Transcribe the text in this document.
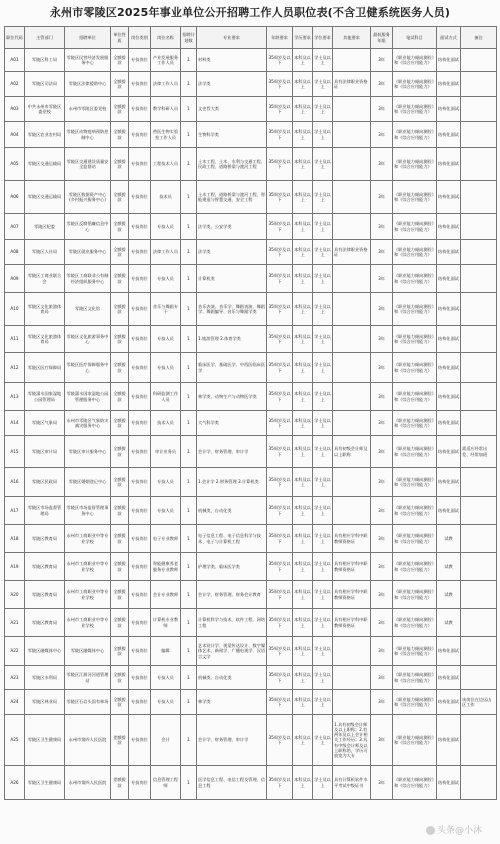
永州市零陵区2025年事业单位公开招聘工作人员职位表(不含卫健系统医务人员)
职位代码	主管部门	招聘单位	单位性质	岗位类别	岗位名称	招聘计划数	专业要求	年龄要求	学历要求	学位要求	其他要求	最低服务年限	笔试科目	面试方式	备注
A01	零陵区科工局	零陵区民营经济发展服务中心	全额拨款	专技岗位	产业发展服务工作人员	1	材料类	35周岁及以下	本科及以上	学士及以上		3年	《职业能力倾向测验》和《综合应用能力》	结构化面试	
A02	零陵区司法局	零陵区法律援助中心	全额拨款	专技岗位	法律工作人员	1	法学类	35周岁及以下	本科及以上	学士及以上	具有法律职业资格证	3年	《职业能力倾向测验》和《综合应用能力》	结构化面试	
A03	中共永州市零陵区委党校	永州市零陵区委党校	全额拨款	专技岗位	教学科研人员	1	文史哲大类	35周岁及以下	本科及以上	学士及以上		3年	《职业能力倾向测验》和《综合应用能力》	结构化面试	
A04	零陵区农业农村局	零陵区动物疫病预防控制中心	全额拨款	专技岗位	兽医生物实验室工作人员	1	生物科学类	35周岁及以下	本科及以上	学士及以上		3年	《职业能力倾向测验》和《综合应用能力》	结构化面试	
A05	零陵区交通运输局	零陵区交通建设质量安全监督站	全额拨款	专技岗位	工程技术人员	1	土木工程、土木、水利与交通工程、民政工程、道路桥梁与渡河工程	35周岁及以下	本科及以上	学士及以上		3年	《职业能力倾向测验》和《综合应用能力》	结构化面试	
A06	零陵区交通运输局	零陵区数据资产中心(乡村振兴服务中心)	全额拨款	专技岗位	技术员	1	土木工程、道路桥梁与渡河工程、智能建造与智慧交通、安全工程	35周岁及以下	本科及以上	学士及以上		3年	《职业能力倾向测验》和《综合应用能力》	结构化面试	
A07	零陵区纪委	零陵区反腐倡廉信息中心	全额拨款	专技岗位	专技人员	1	法学类、公安学类	35周岁及以下	本科及以上	学士及以上		3年	《职业能力倾向测验》和《综合应用能力》	结构化面试	
A08	零陵区人社局	零陵区就业服务中心	全额拨款	专技岗位	法律工作人员	1	法学类	35周岁及以下	本科及以上	学士及以上	具有法律职业资格证	3年	《职业能力倾向测验》和《综合应用能力》	结构化面试	
A09	零陵区工商业联合会	零陵区工商联非公有制经济组织服务中心	全额拨款	专技岗位	专技人员	1	计算机类	35周岁及以下	本科及以上	学士及以上		3年	《职业能力倾向测验》和《综合应用能力》	结构化面试	
A10	零陵区文化旅游体育局	零陵区文化馆	全额拨款	专技岗位	音乐与舞蹈专干	1	音乐表演、音乐学、舞蹈表演、舞蹈学、舞蹈编导、音乐与舞蹈学类	35周岁及以下	本科及以上	学士及以上		3年	《职业能力倾向测验》和《综合应用能力》	结构化面试	
A11	零陵区文化旅游体育局	零陵区文化旅游事务中心	全额拨款	专技岗位	专技人员	1	1.旅游管理 2.体育学类	35周岁及以下	本科及以上	学士及以上		3年	《职业能力倾向测验》和《综合应用能力》	结构化面试	
A12	零陵区医疗保障局	零陵区医疗保障服务中心	全额拨款	专技岗位	专技人员	1	临床医学、基础医学、中西医临床医学	35周岁及以下	本科及以上	学士及以上		3年	《职业能力倾向测验》和《综合应用能力》	结构化面试	
A13	零陵潇水国家湿地公园管理局	零陵潇水国家湿地公园管理服务中心	全额拨款	专技岗位	科研监测工作人员	1	林学类、动物生产与动物医学类	35周岁及以下	本科及以上	学士及以上		3年	《职业能力倾向测验》和《综合应用能力》	结构化面试	
A14	零陵区气象局	永州市零陵区气象防灾减灾服务中心	全额拨款	专技岗位	技术人员	1	大气科学类	35周岁及以下	本科及以上	学士及以上		3年	《职业能力倾向测验》和《综合应用能力》	结构化面试	
A15	零陵区审计局	零陵区审计服务中心	全额拨款	专技岗位	审计业务员	1	会计学、财务管理、审计学	35周岁及以下	本科及以上	学士及以上	具有初级会计师及以上职称	3年	《职业能力倾向测验》和《综合应用能力》	结构化面试	需适应经常出差、经常加班
A16	零陵区民政局	零陵区婚姻登记中心	全额拨款	专技岗位	专技人员	1	1.会计学 2.财务管理 3.计算机类	35周岁及以下	本科及以上	学士及以上		3年	《职业能力倾向测验》和《综合应用能力》	结构化面试	
A17	零陵区市场监督管理局	零陵区市场监督管理事务中心	全额拨款	专技岗位	专技人员	1	机械类、自动化类	35周岁及以下	本科及以上	学士及以上		3年	《职业能力倾向测验》和《综合应用能力》	结构化面试	
A18	零陵区教育局	永州市工商职业中等专业学校	全额拨款	专技岗位	电子专业教师	1	电子信息工程、电子信息科学与技术、电子与计算机工程	35周岁及以下	本科及以上	学士及以上	具有相应学科中职教师资格证	3年	《职业能力倾向测验》和《综合应用能力》	试教	
A19	零陵区教育局	永州市工商职业中等专业学校	全额拨款	专技岗位	智能健康养老服务专业教师	1	护理学类、临床医学类	35周岁及以下	本科及以上	学士及以上	具有相应学科中职教师资格证	3年	《职业能力倾向测验》和《综合应用能力》	试教	
A20	零陵区教育局	永州市工商职业中等专业学校	全额拨款	专技岗位	会计专业教师	1	会计学、财务管理、财务会计教育	35周岁及以下	本科及以上	学士及以上	具有相应学科中职教师资格证	3年	《职业能力倾向测验》和《综合应用能力》	试教	
A21	零陵区教育局	永州市工商职业中等专业学校	全额拨款	专技岗位	计算机专业教师	1	计算机科学与技术、软件工程、网络工程	35周岁及以下	本科及以上	学士及以上	具有相应学科中职教师资格证	3年	《职业能力倾向测验》和《综合应用能力》	试教	
A22	零陵区融媒体中心	零陵区融媒体中心	全额拨款	专技岗位	编辑	1	艺术设计学、视觉传达设计、数字媒体艺术、新闻学、广播电视学、汉语言文学	35周岁及以下	本科及以上	学士及以上		3年	《职业能力倾向测验》和《综合应用能力》	结构化面试	
A23	零陵区水利局	零陵区江源河河道管理站	全额拨款	专技岗位	专技人员	1	机械类、自动化类	35周岁及以下	本科及以上	学士及以上		3年	《职业能力倾向测验》和《综合应用能力》	结构化面试	
A24	零陵区林业局	零陵区石岩头国有林场	全额拨款	专技岗位	专技人员	1	林学类	35周岁及以下	本科及以上	学士及以上		3年	《职业能力倾向测验》和《综合应用能力》	结构化面试	该岗位在边远山区工作
A25	零陵区卫生健康局	永州市第四人民医院	差额拨款	专技岗位	会计	1	会计学、财务管理、审计学	35周岁及以下	本科及以上	学士及以上	1.具有初级会计师及以上职称；2.有两年及以上会计相关工作经历；3.具有中级会计师及以上职称的，学历可放宽为大专	3年	《职业能力倾向测验》和《综合应用能力》	结构化面试	
A26	零陵区卫生健康局	永州市第四人民医院	差额拨款	专技岗位	信息管理工程师	1	医学信息工程、电信工程及管理、信息工程	35周岁及以下	本科及以上	学士及以上	具有计算机软件水平考试中级证书	3年	《职业能力倾向测验》和《综合应用能力》	结构化面试	
头条@小沐
